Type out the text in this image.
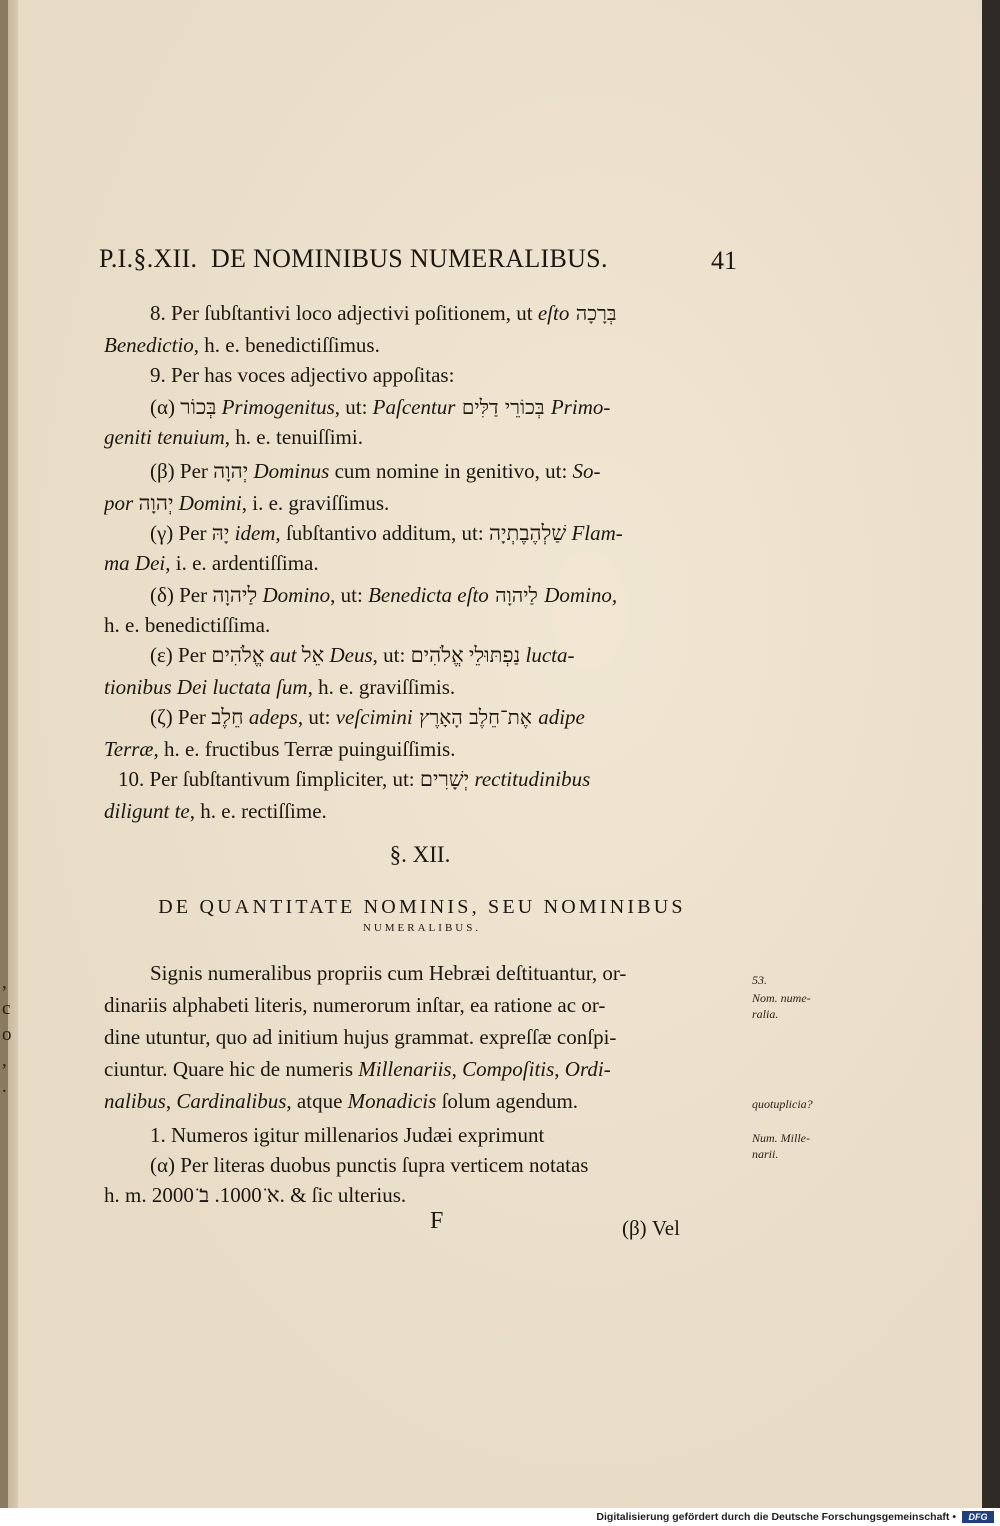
,
c
o
,
.
P.I.§.XII. DE NOMINIBUS NUMERALIBUS.	41
8. Per ſubſtantivi loco adjectivi poſitionem, ut eſto בְּרָכָה
Benedictio, h. e. benedictiſſimus.
9. Per has voces adjectivo appoſitas:
(α) בְּכוֹר Primogenitus, ut: Paſcentur בְּכוֹרֵי דַלִּים Primo-
geniti tenuium, h. e. tenuiſſimi.
(β) Per יְהוָה Dominus cum nomine in genitivo, ut: So-
por יְהוָה Domini, i. e. graviſſimus.
(γ) Per יָהּ idem, ſubſtantivo additum, ut: שַׁלְהֶבֶתְיָה Flam-
ma Dei, i. e. ardentiſſima.
(δ) Per לַיהוָה Domino, ut: Benedicta eſto לַיהוָה Domino,
h. e. benedictiſſima.
(ε) Per אֱלֹהִים aut אֵל Deus, ut: נַפְתּוּלֵי אֱלֹהִים lucta-
tionibus Dei luctata ſum, h. e. graviſſimis.
(ζ) Per חֵלֶב adeps, ut: veſcimini אֶת־חֵלֶב הָאָרֶץ adipe
Terræ, h. e. fructibus Terræ puinguiſſimis.
10. Per ſubſtantivum ſimpliciter, ut: יְשָׁרִים rectitudinibus
diligunt te, h. e. rectiſſime.
§. XII.
DE QUANTITATE NOMINIS, SEU NOMINIBUS
NUMERALIBUS.
Signis numeralibus propriis cum Hebræi deſtituantur, or-
dinariis alphabeti literis, numerorum inſtar, ea ratione ac or-
dine utuntur, quo ad initium hujus grammat. expreſſæ conſpi-
ciuntur. Quare hic de numeris Millenariis, Compoſitis, Ordi-
nalibus, Cardinalibus, atque Monadicis ſolum agendum.
1. Numeros igitur millenarios Judæi exprimunt
(α) Per literas duobus punctis ſupra verticem notatas
h. m. א̈ 1000. ב̈ 2000. & ſic ulterius.
53.
Nom. nume-
ralia.
quotuplicia?
Num. Mille-
narii.
F	(β) Vel
Digitalisierung gefördert durch die Deutsche Forschungsgemeinschaft •	DFG
